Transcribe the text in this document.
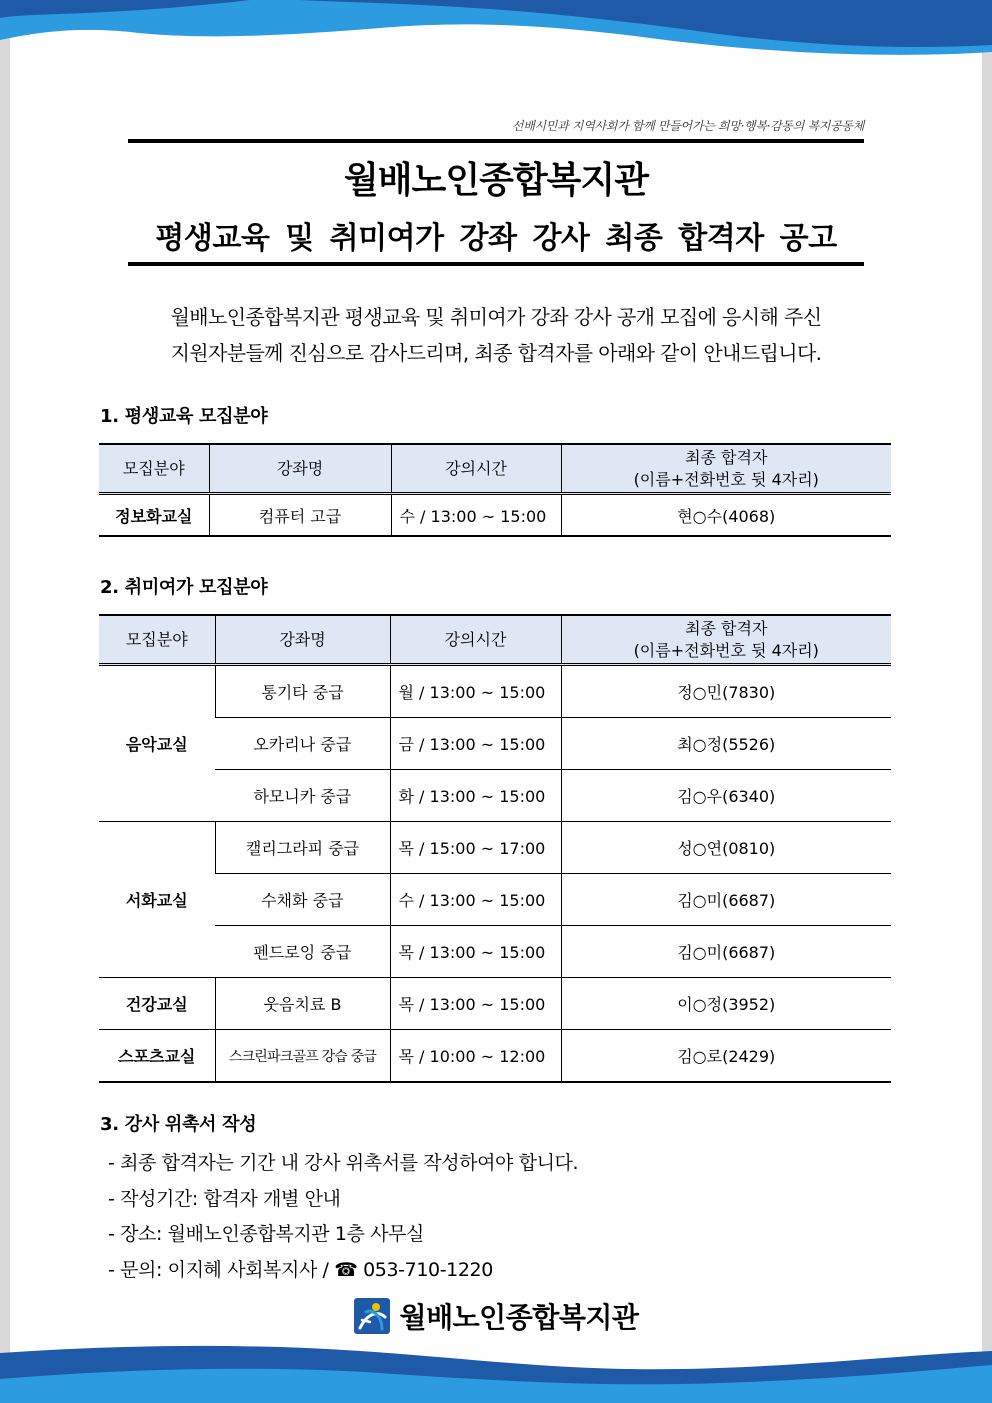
선배시민과 지역사회가 함께 만들어가는 희망·행복·감동의 복지공동체
월배노인종합복지관
평생교육 및 취미여가 강좌 강사 최종 합격자 공고
월배노인종합복지관 평생교육 및 취미여가 강좌 강사 공개 모집에 응시해 주신
지원자분들께 진심으로 감사드리며, 최종 합격자를 아래와 같이 안내드립니다.
1. 평생교육 모집분야
모집분야	강좌명	강의시간	최종 합격자
(이름+전화번호 뒷 4자리)

정보화교실	컴퓨터 고급	수 / 13:00 ~ 15:00	현○수(4068)
2. 취미여가 모집분야
모집분야	강좌명	강의시간	최종 합격자
(이름+전화번호 뒷 4자리)

음악교실	통기타 중급	월 / 13:00 ~ 15:00	정○민(7830)
	오카리나 중급	금 / 13:00 ~ 15:00	최○정(5526)
	하모니카 중급	화 / 13:00 ~ 15:00	김○우(6340)
서화교실	캘리그라피 중급	목 / 15:00 ~ 17:00	성○연(0810)
	수채화 중급	수 / 13:00 ~ 15:00	김○미(6687)
	펜드로잉 중급	목 / 13:00 ~ 15:00	김○미(6687)
건강교실	웃음치료 B	목 / 13:00 ~ 15:00	이○정(3952)
스포츠교실	스크린파크골프 강습 중급	목 / 10:00 ~ 12:00	김○로(2429)
3. 강사 위촉서 작성
- 최종 합격자는 기간 내 강사 위촉서를 작성하여야 합니다.
- 작성기간: 합격자 개별 안내
- 장소: 월배노인종합복지관 1층 사무실
- 문의: 이지혜 사회복지사 / ☎ 053-710-1220
월배노인종합복지관
